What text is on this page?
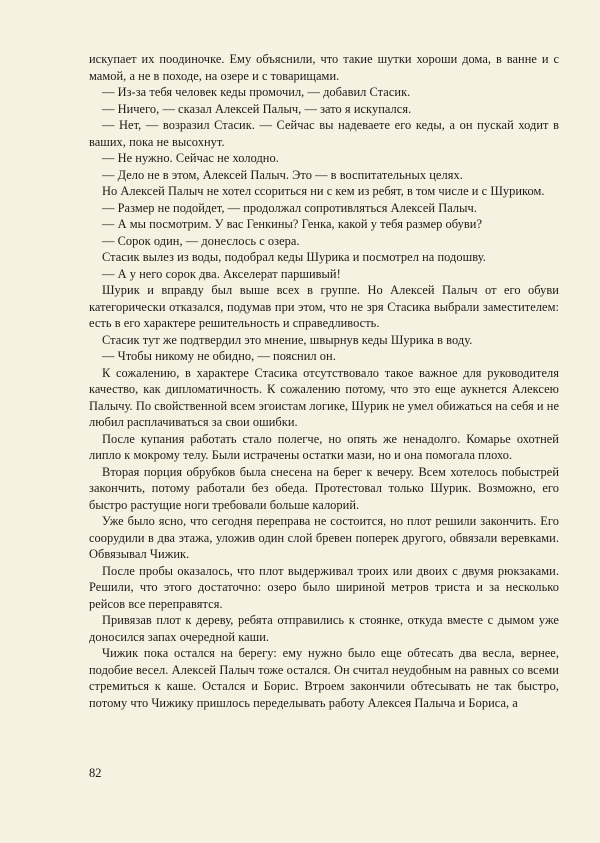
искупает их поодиночке. Ему объяснили, что такие шутки хороши дома, в ванне и с мамой, а не в походе, на озере и с товарищами.

— Из-за тебя человек кеды промочил, — добавил Стасик.

— Ничего, — сказал Алексей Палыч, — зато я искупался.

— Нет, — возразил Стасик. — Сейчас вы надеваете его кеды, а он пускай ходит в ваших, пока не высохнут.

— Не нужно. Сейчас не холодно.

— Дело не в этом, Алексей Палыч. Это — в воспитательных целях.

Но Алексей Палыч не хотел ссориться ни с кем из ребят, в том числе и с Шуриком.

— Размер не подойдет, — продолжал сопротивляться Алексей Палыч.

— А мы посмотрим. У вас Генкины? Генка, какой у тебя размер обуви?

— Сорок один, — донеслось с озера.

Стасик вылез из воды, подобрал кеды Шурика и посмотрел на подошву.

— А у него сорок два. Акселерат паршивый!

Шурик и вправду был выше всех в группе. Но Алексей Палыч от его обуви категорически отказался, подумав при этом, что не зря Стасика выбрали заместителем: есть в его характере решительность и справедливость.

Стасик тут же подтвердил это мнение, швырнув кеды Шурика в воду.

— Чтобы никому не обидно, — пояснил он.

К сожалению, в характере Стасика отсутствовало такое важное для руководителя качество, как дипломатичность. К сожалению потому, что это еще аукнется Алексею Палычу. По свойственной всем эгоистам логике, Шурик не умел обижаться на себя и не любил расплачиваться за свои ошибки.

После купания работать стало полегче, но опять же ненадолго. Комарье охотней липло к мокрому телу. Были истрачены остатки мази, но и она помогала плохо.

Вторая порция обрубков была снесена на берег к вечеру. Всем хотелось побыстрей закончить, потому работали без обеда. Протестовал только Шурик. Возможно, его быстро растущие ноги требовали больше калорий.

Уже было ясно, что сегодня переправа не состоится, но плот решили закончить. Его соорудили в два этажа, уложив один слой бревен поперек другого, обвязали веревками. Обвязывал Чижик.

После пробы оказалось, что плот выдерживал троих или двоих с двумя рюкзаками. Решили, что этого достаточно: озеро было шириной метров триста и за несколько рейсов все переправятся.

Привязав плот к дереву, ребята отправились к стоянке, откуда вместе с дымом уже доносился запах очередной каши.

Чижик пока остался на берегу: ему нужно было еще обтесать два весла, вернее, подобие весел. Алексей Палыч тоже остался. Он считал неудобным на равных со всеми стремиться к каше. Остался и Борис. Втроем закончили обтесывать не так быстро, потому что Чижику пришлось переделывать работу Алексея Палыча и Бориса, а

82
